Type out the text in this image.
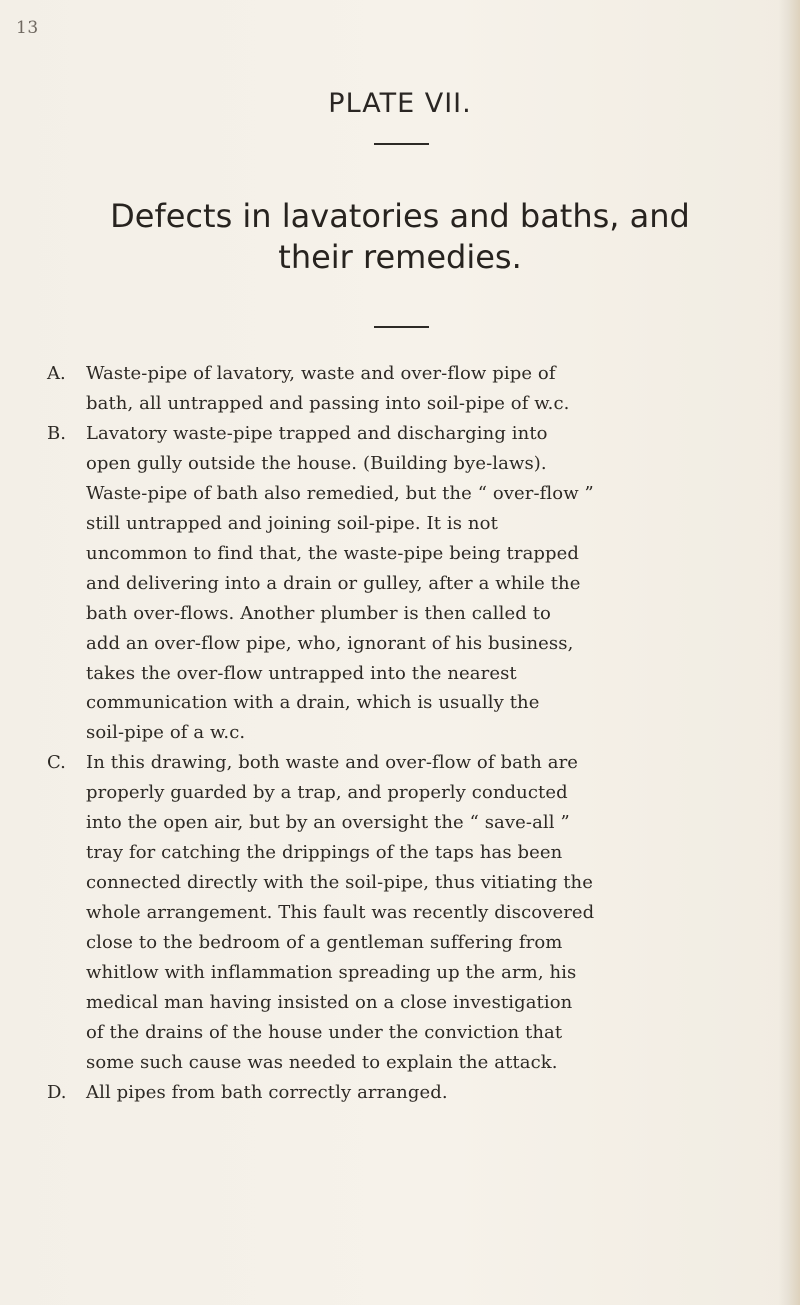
13
PLATE VII.
Defects in lavatories and baths, and
their remedies.
A.	Waste-pipe of lavatory, waste and over-flow pipe of
bath, all untrapped and passing into soil-pipe of w.c.
B.	Lavatory waste-pipe trapped and discharging into
open gully outside the house. (Building bye-laws).
Waste-pipe of bath also remedied, but the “ over-flow ”
still untrapped and joining soil-pipe. It is not
uncommon to find that, the waste-pipe being trapped
and delivering into a drain or gulley, after a while the
bath over-flows. Another plumber is then called to
add an over-flow pipe, who, ignorant of his business,
takes the over-flow untrapped into the nearest
communication with a drain, which is usually the
soil-pipe of a w.c.
C.	In this drawing, both waste and over-flow of bath are
properly guarded by a trap, and properly conducted
into the open air, but by an oversight the “ save-all ”
tray for catching the drippings of the taps has been
connected directly with the soil-pipe, thus vitiating the
whole arrangement. This fault was recently discovered
close to the bedroom of a gentleman suffering from
whitlow with inflammation spreading up the arm, his
medical man having insisted on a close investigation
of the drains of the house under the conviction that
some such cause was needed to explain the attack.
D.	All pipes from bath correctly arranged.
